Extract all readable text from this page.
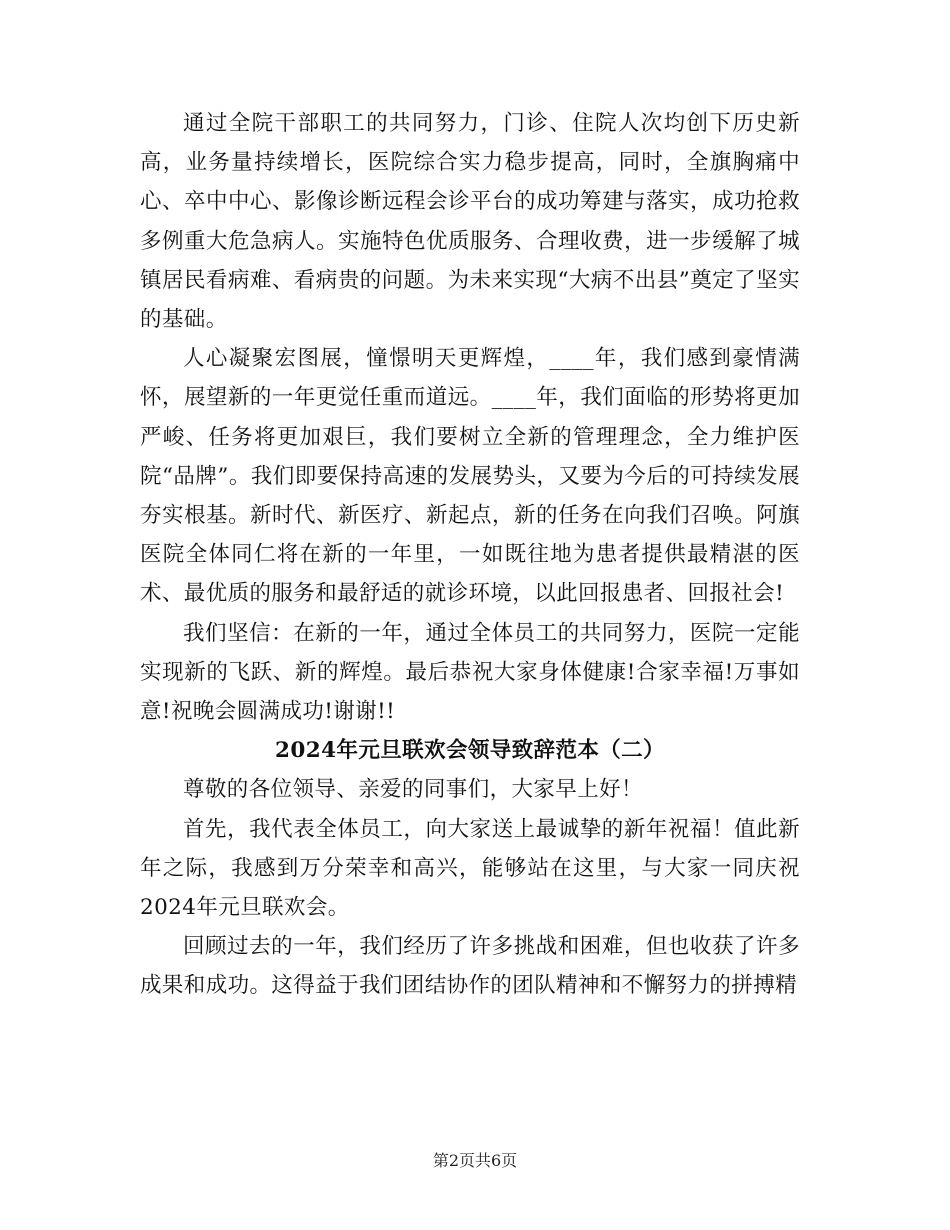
通过全院干部职工的共同努力，门诊、住院人次均创下历史新高，业务量持续增长，医院综合实力稳步提高，同时，全旗胸痛中心、卒中中心、影像诊断远程会诊平台的成功筹建与落实，成功抢救多例重大危急病人。实施特色优质服务、合理收费，进一步缓解了城镇居民看病难、看病贵的问题。为未来实现“大病不出县”奠定了坚实的基础。

人心凝聚宏图展，憧憬明天更辉煌，____年，我们感到豪情满怀，展望新的一年更觉任重而道远。____年，我们面临的形势将更加严峻、任务将更加艰巨，我们要树立全新的管理理念，全力维护医院“品牌”。我们即要保持高速的发展势头，又要为今后的可持续发展夯实根基。新时代、新医疗、新起点，新的任务在向我们召唤。阿旗医院全体同仁将在新的一年里，一如既往地为患者提供最精湛的医术、最优质的服务和最舒适的就诊环境，以此回报患者、回报社会!

我们坚信：在新的一年，通过全体员工的共同努力，医院一定能实现新的飞跃、新的辉煌。最后恭祝大家身体健康!合家幸福!万事如意!祝晚会圆满成功!谢谢!!

2024年元旦联欢会领导致辞范本（二）

尊敬的各位领导、亲爱的同事们，大家早上好！

首先，我代表全体员工，向大家送上最诚挚的新年祝福！值此新年之际，我感到万分荣幸和高兴，能够站在这里，与大家一同庆祝2024年元旦联欢会。

回顾过去的一年，我们经历了许多挑战和困难，但也收获了许多成果和成功。这得益于我们团结协作的团队精神和不懈努力的拼搏精

第2页共6页
